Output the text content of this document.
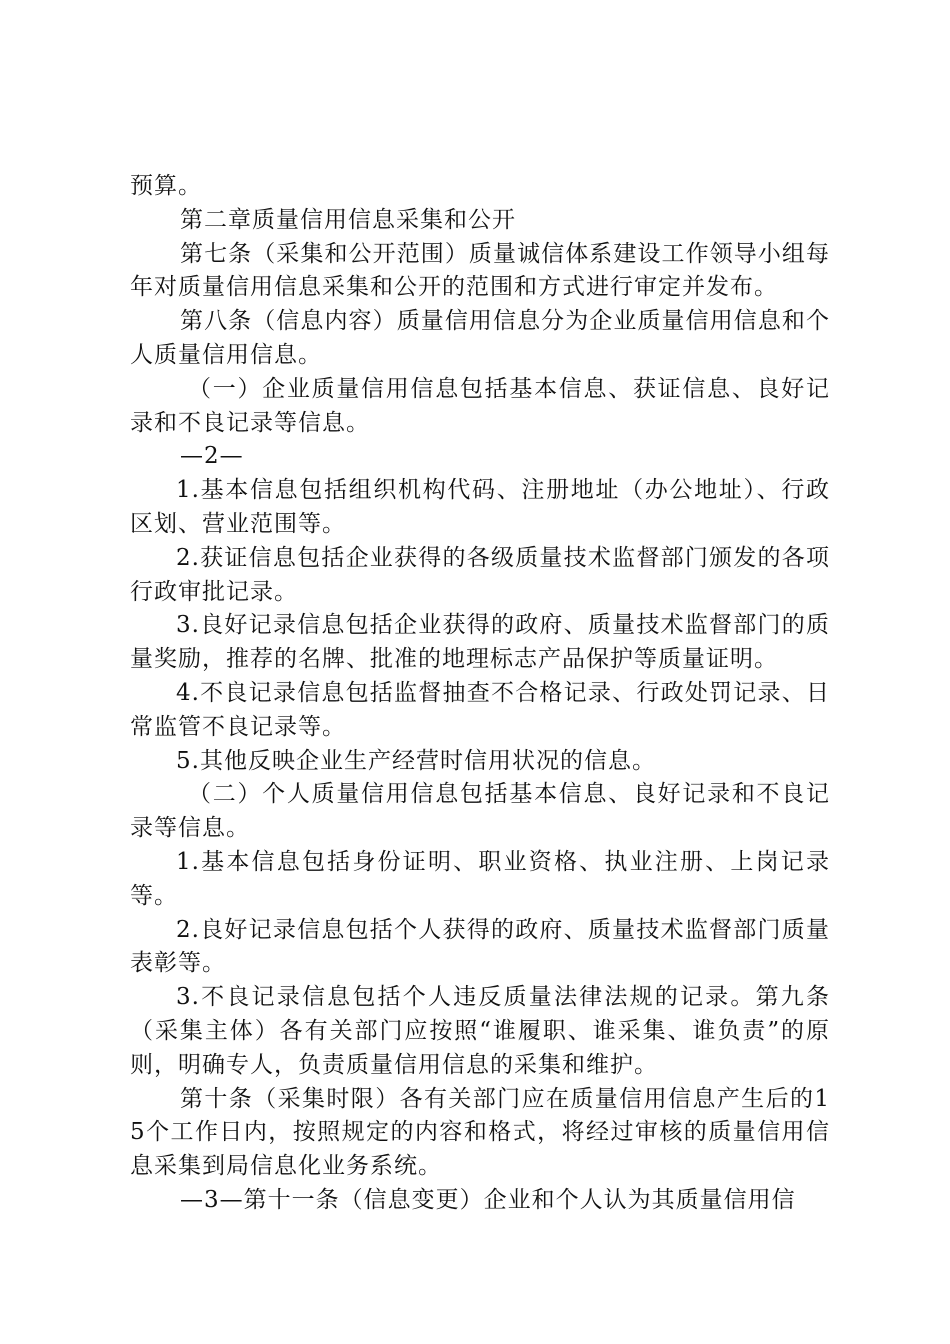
预算。

第二章质量信用信息采集和公开

第七条（采集和公开范围）质量诚信体系建设工作领导小组每年对质量信用信息采集和公开的范围和方式进行审定并发布。

第八条（信息内容）质量信用信息分为企业质量信用信息和个人质量信用信息。

（一）企业质量信用信息包括基本信息、获证信息、良好记录和不良记录等信息。

—2—

1.基本信息包括组织机构代码、注册地址（办公地址）、行政区划、营业范围等。

2.获证信息包括企业获得的各级质量技术监督部门颁发的各项行政审批记录。

3.良好记录信息包括企业获得的政府、质量技术监督部门的质量奖励，推荐的名牌、批准的地理标志产品保护等质量证明。

4.不良记录信息包括监督抽查不合格记录、行政处罚记录、日常监管不良记录等。

5.其他反映企业生产经营时信用状况的信息。

（二）个人质量信用信息包括基本信息、良好记录和不良记录等信息。

1.基本信息包括身份证明、职业资格、执业注册、上岗记录等。

2.良好记录信息包括个人获得的政府、质量技术监督部门质量表彰等。

3.不良记录信息包括个人违反质量法律法规的记录。第九条（采集主体）各有关部门应按照“谁履职、谁采集、谁负责”的原则，明确专人，负责质量信用信息的采集和维护。

第十条（采集时限）各有关部门应在质量信用信息产生后的15个工作日内，按照规定的内容和格式，将经过审核的质量信用信息采集到局信息化业务系统。

—3—第十一条（信息变更）企业和个人认为其质量信用信
